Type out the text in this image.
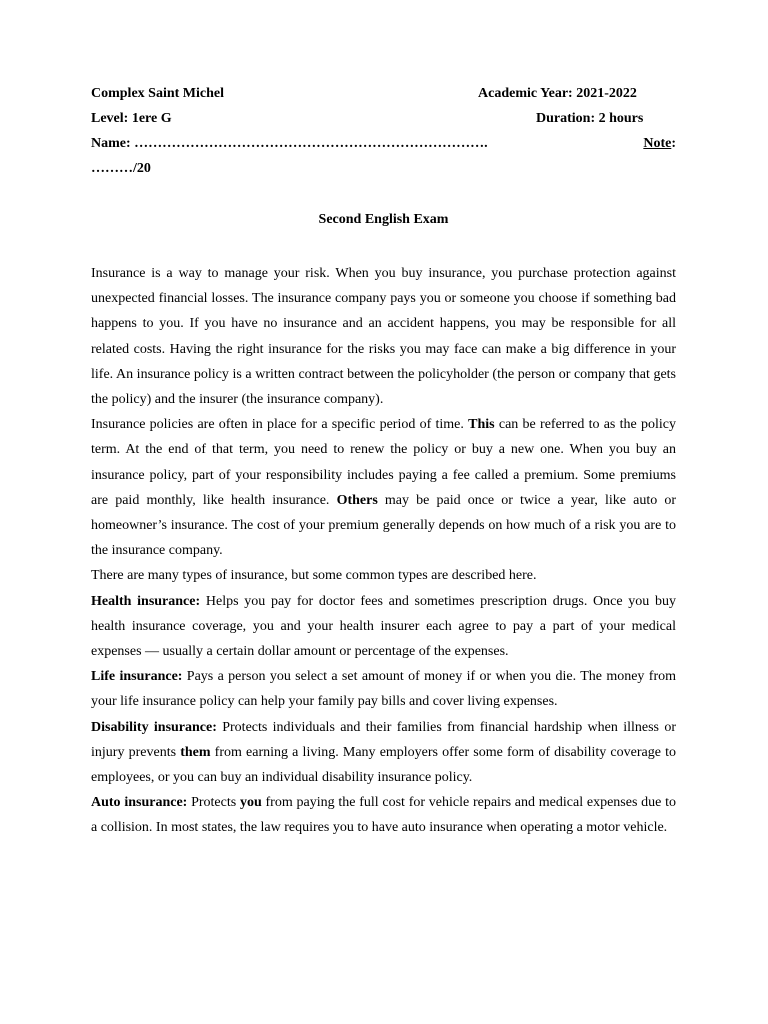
Complex Saint Michel	Academic Year: 2021-2022
Level: 1ere G	Duration: 2 hours
Name: ………………………………………………………………….	Note:
………/20
Second English Exam

Insurance is a way to manage your risk. When you buy insurance, you purchase protection against unexpected financial losses. The insurance company pays you or someone you choose if something bad happens to you. If you have no insurance and an accident happens, you may be responsible for all related costs. Having the right insurance for the risks you may face can make a big difference in your life. An insurance policy is a written contract between the policyholder (the person or company that gets the policy) and the insurer (the insurance company).

Insurance policies are often in place for a specific period of time. This can be referred to as the policy term. At the end of that term, you need to renew the policy or buy a new one. When you buy an insurance policy, part of your responsibility includes paying a fee called a premium. Some premiums are paid monthly, like health insurance. Others may be paid once or twice a year, like auto or homeowner’s insurance. The cost of your premium generally depends on how much of a risk you are to the insurance company.

There are many types of insurance, but some common types are described here.

Health insurance: Helps you pay for doctor fees and sometimes prescription drugs. Once you buy health insurance coverage, you and your health insurer each agree to pay a part of your medical expenses — usually a certain dollar amount or percentage of the expenses.

Life insurance: Pays a person you select a set amount of money if or when you die. The money from your life insurance policy can help your family pay bills and cover living expenses.

Disability insurance: Protects individuals and their families from financial hardship when illness or injury prevents them from earning a living. Many employers offer some form of disability coverage to employees, or you can buy an individual disability insurance policy.

Auto insurance: Protects you from paying the full cost for vehicle repairs and medical expenses due to a collision. In most states, the law requires you to have auto insurance when operating a motor vehicle.
